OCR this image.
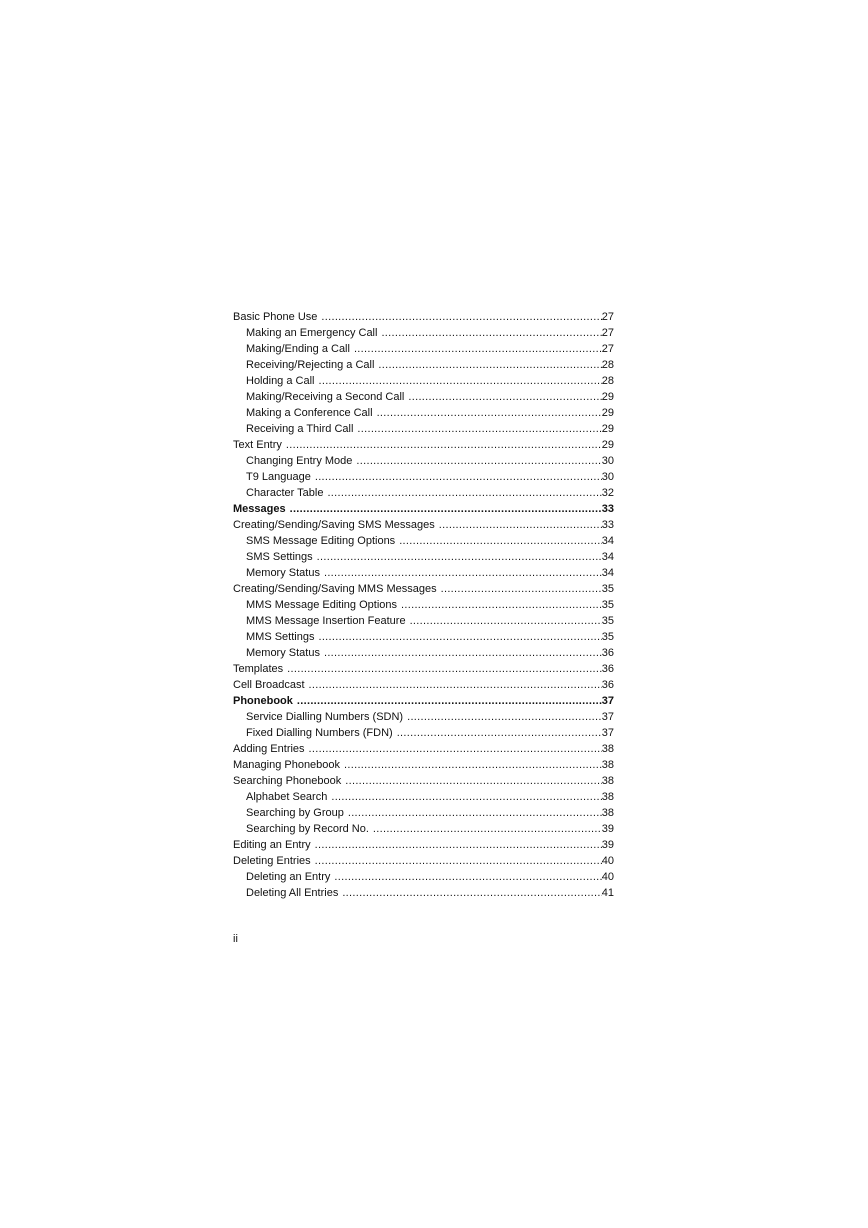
Basic Phone Use .....	27
Making an Emergency Call .....	27
Making/Ending a Call .....	27
Receiving/Rejecting a Call .....	28
Holding a Call .....	28
Making/Receiving a Second Call .....	29
Making a Conference Call .....	29
Receiving a Third Call .....	29
Text Entry .....	29
Changing Entry Mode .....	30
T9 Language .....	30
Character Table .....	32
Messages .....	33
Creating/Sending/Saving SMS Messages .....	33
SMS Message Editing Options .....	34
SMS Settings .....	34
Memory Status .....	34
Creating/Sending/Saving MMS Messages .....	35
MMS Message Editing Options .....	35
MMS Message Insertion Feature .....	35
MMS Settings .....	35
Memory Status .....	36
Templates .....	36
Cell Broadcast .....	36
Phonebook .....	37
Service Dialling Numbers (SDN) .....	37
Fixed Dialling Numbers (FDN) .....	37
Adding Entries .....	38
Managing Phonebook .....	38
Searching Phonebook .....	38
Alphabet Search .....	38
Searching by Group .....	38
Searching by Record No. .....	39
Editing an Entry .....	39
Deleting Entries .....	40
Deleting an Entry .....	40
Deleting All Entries .....	41
ii
